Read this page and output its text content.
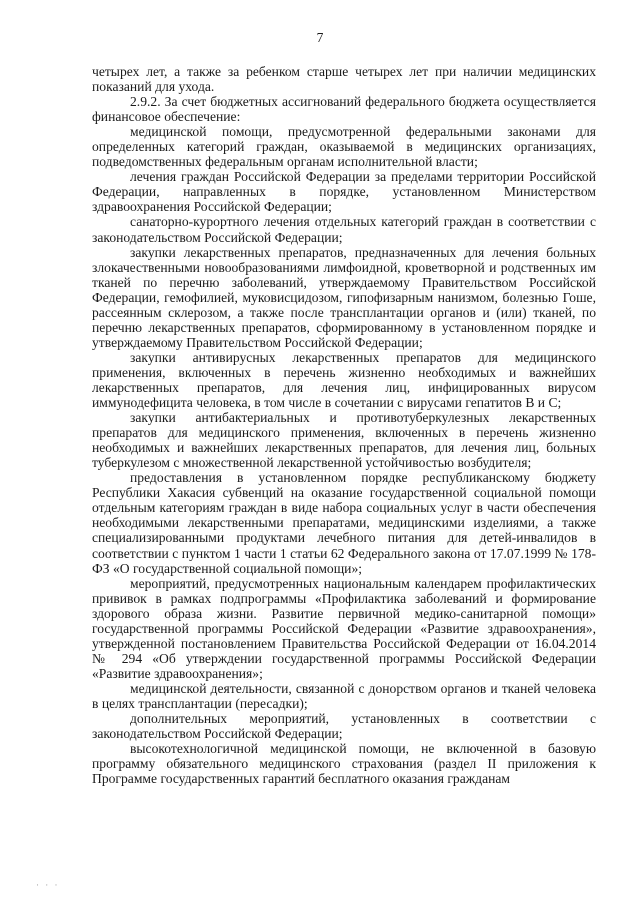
7

четырех лет, а также за ребенком старше четырех лет при наличии медицинских показаний для ухода.

2.9.2. За счет бюджетных ассигнований федерального бюджета осуществляется финансовое обеспечение:

медицинской помощи, предусмотренной федеральными законами для определенных категорий граждан, оказываемой в медицинских организациях, подведомственных федеральным органам исполнительной власти;

лечения граждан Российской Федерации за пределами территории Российской Федерации, направленных в порядке, установленном Министерством здравоохранения Российской Федерации;

санаторно-курортного лечения отдельных категорий граждан в соответствии с законодательством Российской Федерации;

закупки лекарственных препаратов, предназначенных для лечения больных злокачественными новообразованиями лимфоидной, кроветворной и родственных им тканей по перечню заболеваний, утверждаемому Правительством Российской Федерации, гемофилией, муковисцидозом, гипофизарным нанизмом, болезнью Гоше, рассеянным склерозом, а также после трансплантации органов и (или) тканей, по перечню лекарственных препаратов, сформированному в установленном порядке и утверждаемому Правительством Российской Федерации;

закупки антивирусных лекарственных препаратов для медицинского применения, включенных в перечень жизненно необходимых и важнейших лекарственных препаратов, для лечения лиц, инфицированных вирусом иммунодефицита человека, в том числе в сочетании с вирусами гепатитов В и С;

закупки антибактериальных и противотуберкулезных лекарственных препаратов для медицинского применения, включенных в перечень жизненно необходимых и важнейших лекарственных препаратов, для лечения лиц, больных туберкулезом с множественной лекарственной устойчивостью возбудителя;

предоставления в установленном порядке республиканскому бюджету Республики Хакасия субвенций на оказание государственной социальной помощи отдельным категориям граждан в виде набора социальных услуг в части обеспечения необходимыми лекарственными препаратами, медицинскими изделиями, а также специализированными продуктами лечебного питания для детей-инвалидов в соответствии с пунктом 1 части 1 статьи 62 Федерального закона от 17.07.1999 № 178-ФЗ «О государственной социальной помощи»;

мероприятий, предусмотренных национальным календарем профилактических прививок в рамках подпрограммы «Профилактика заболеваний и формирование здорового образа жизни. Развитие первичной медико-санитарной помощи» государственной программы Российской Федерации «Развитие здравоохранения», утвержденной постановлением Правительства Российской Федерации от 16.04.2014 № 294 «Об утверждении государственной программы Российской Федерации «Развитие здравоохранения»;

медицинской деятельности, связанной с донорством органов и тканей человека в целях трансплантации (пересадки);

дополнительных мероприятий, установленных в соответствии с законодательством Российской Федерации;

высокотехнологичной медицинской помощи, не включенной в базовую программу обязательного медицинского страхования (раздел II приложения к Программе государственных гарантий бесплатного оказания гражданам

· · ·
